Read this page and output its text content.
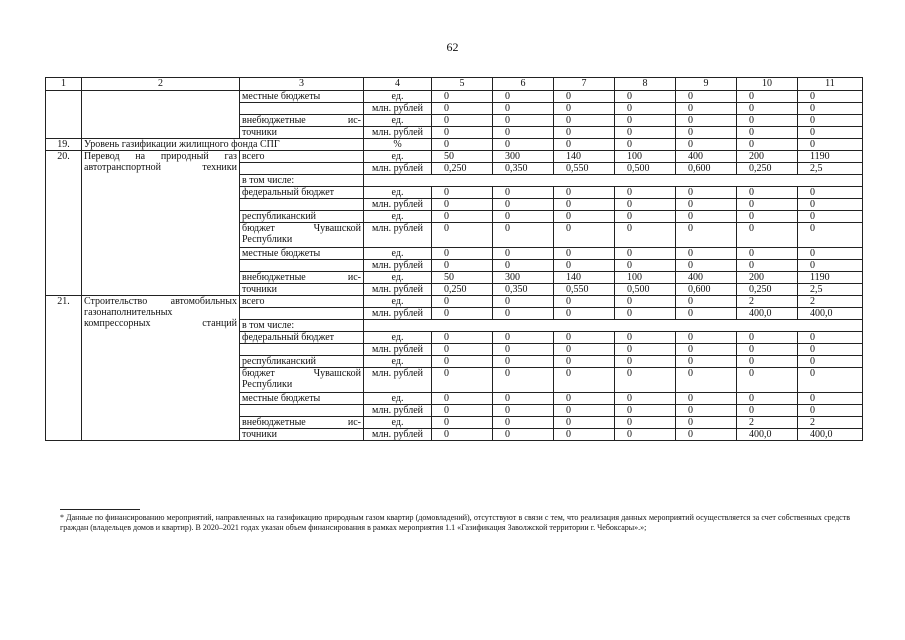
62
1	2	3	4	5	6	7	8	9	10	11
		местные бюджеты	ед.	0	0	0	0	0	0	0
			млн. рублей	0	0	0	0	0	0	0
		внебюджетные ис-	ед.	0	0	0	0	0	0	0
		точники	млн. рублей	0	0	0	0	0	0	0
19.	Уровень газификации жилищного фонда СПГ		%	0	0	0	0	0	0	0
20.	Перевод на природный газ автотранспортной техники	всего	ед.	50	300	140	100	400	200	1190
			млн. рублей	0,250	0,350	0,550	0,500	0,600	0,250	2,5
		в том числе:								
		федеральный бюджет	ед.	0	0	0	0	0	0	0
			млн. рублей	0	0	0	0	0	0	0
		республиканский	ед.	0	0	0	0	0	0	0
		бюджет Чувашской Республики	млн. рублей	0	0	0	0	0	0	0
		местные бюджеты	ед.	0	0	0	0	0	0	0
			млн. рублей	0	0	0	0	0	0	0
		внебюджетные ис-	ед.	50	300	140	100	400	200	1190
		точники	млн. рублей	0,250	0,350	0,550	0,500	0,600	0,250	2,5
21.	Строительство автомобильных газонаполнительных компрессорных станций	всего	ед.	0	0	0	0	0	2	2
			млн. рублей	0	0	0	0	0	400,0	400,0
		в том числе:								
		федеральный бюджет	ед.	0	0	0	0	0	0	0
			млн. рублей	0	0	0	0	0	0	0
		республиканский	ед.	0	0	0	0	0	0	0
		бюджет Чувашской Республики	млн. рублей	0	0	0	0	0	0	0
		местные бюджеты	ед.	0	0	0	0	0	0	0
			млн. рублей	0	0	0	0	0	0	0
		внебюджетные ис-	ед.	0	0	0	0	0	2	2
		точники	млн. рублей	0	0	0	0	0	400,0	400,0
* Данные по финансированию мероприятий, направленных на газификацию природным газом квартир (домовладений), отсутствуют в связи с тем, что реализация данных мероприятий осуществляется за счет собственных средств граждан (владельцев домов и квартир). В 2020–2021 годах указан объем финансирования в рамках мероприятия 1.1 «Газификация Заволжской территории г. Чебоксары».»;
